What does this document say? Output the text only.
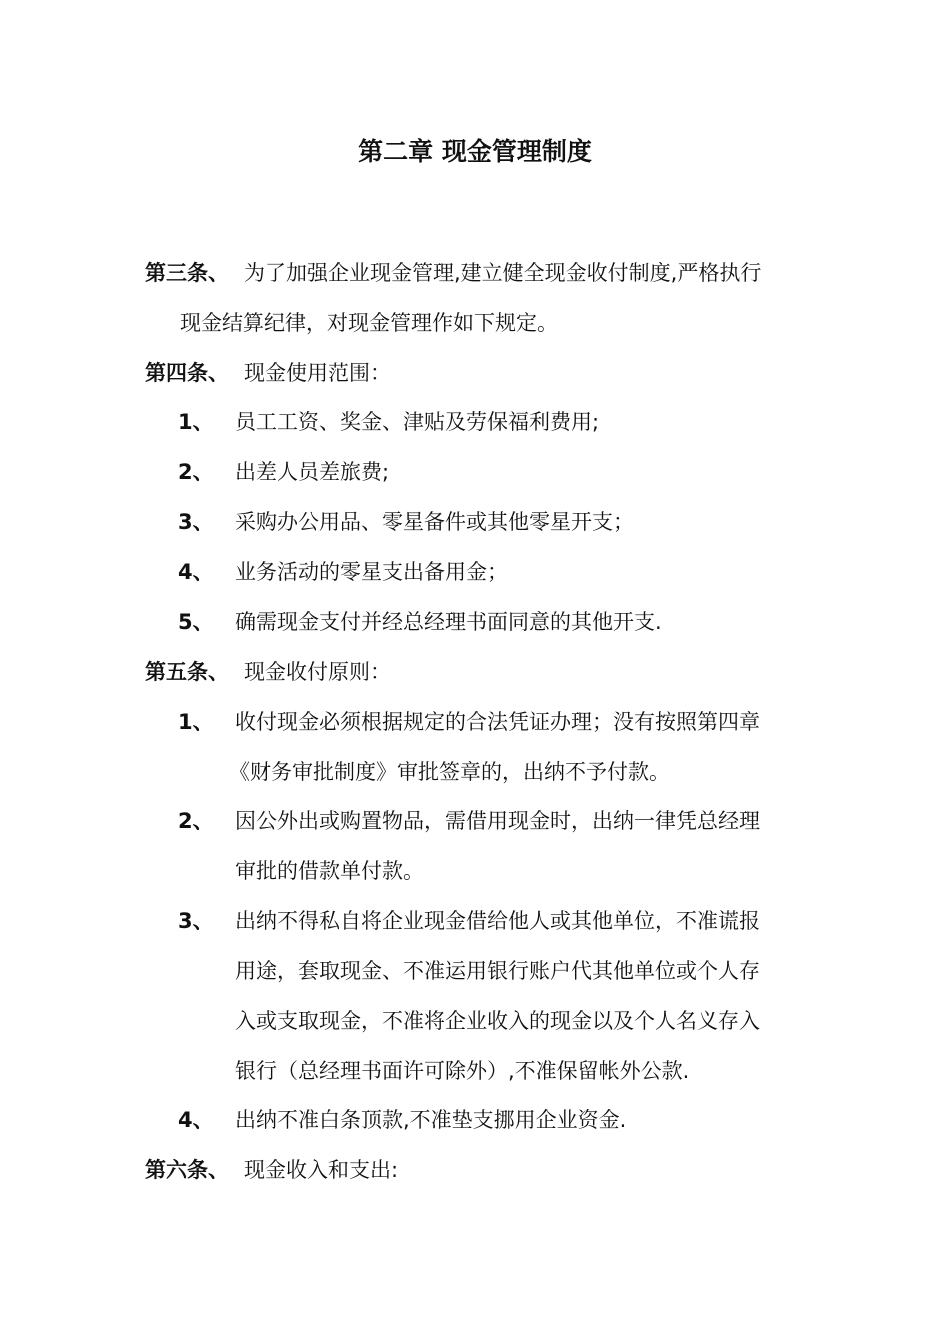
第二章 现金管理制度
第三条、 为了加强企业现金管理,建立健全现金收付制度,严格执行
现金结算纪律，对现金管理作如下规定。
第四条、 现金使用范围：
1、 员工工资、奖金、津贴及劳保福利费用;
2、 出差人员差旅费;
3、 采购办公用品、零星备件或其他零星开支；
4、 业务活动的零星支出备用金；
5、 确需现金支付并经总经理书面同意的其他开支.
第五条、 现金收付原则：
1、 收付现金必须根据规定的合法凭证办理；没有按照第四章
《财务审批制度》审批签章的，出纳不予付款。
2、 因公外出或购置物品，需借用现金时，出纳一律凭总经理
审批的借款单付款。
3、 出纳不得私自将企业现金借给他人或其他单位，不准谎报
用途，套取现金、不准运用银行账户代其他单位或个人存
入或支取现金，不准将企业收入的现金以及个人名义存入
银行（总经理书面许可除外）,不准保留帐外公款.
4、 出纳不准白条顶款,不准垫支挪用企业资金.
第六条、 现金收入和支出:
